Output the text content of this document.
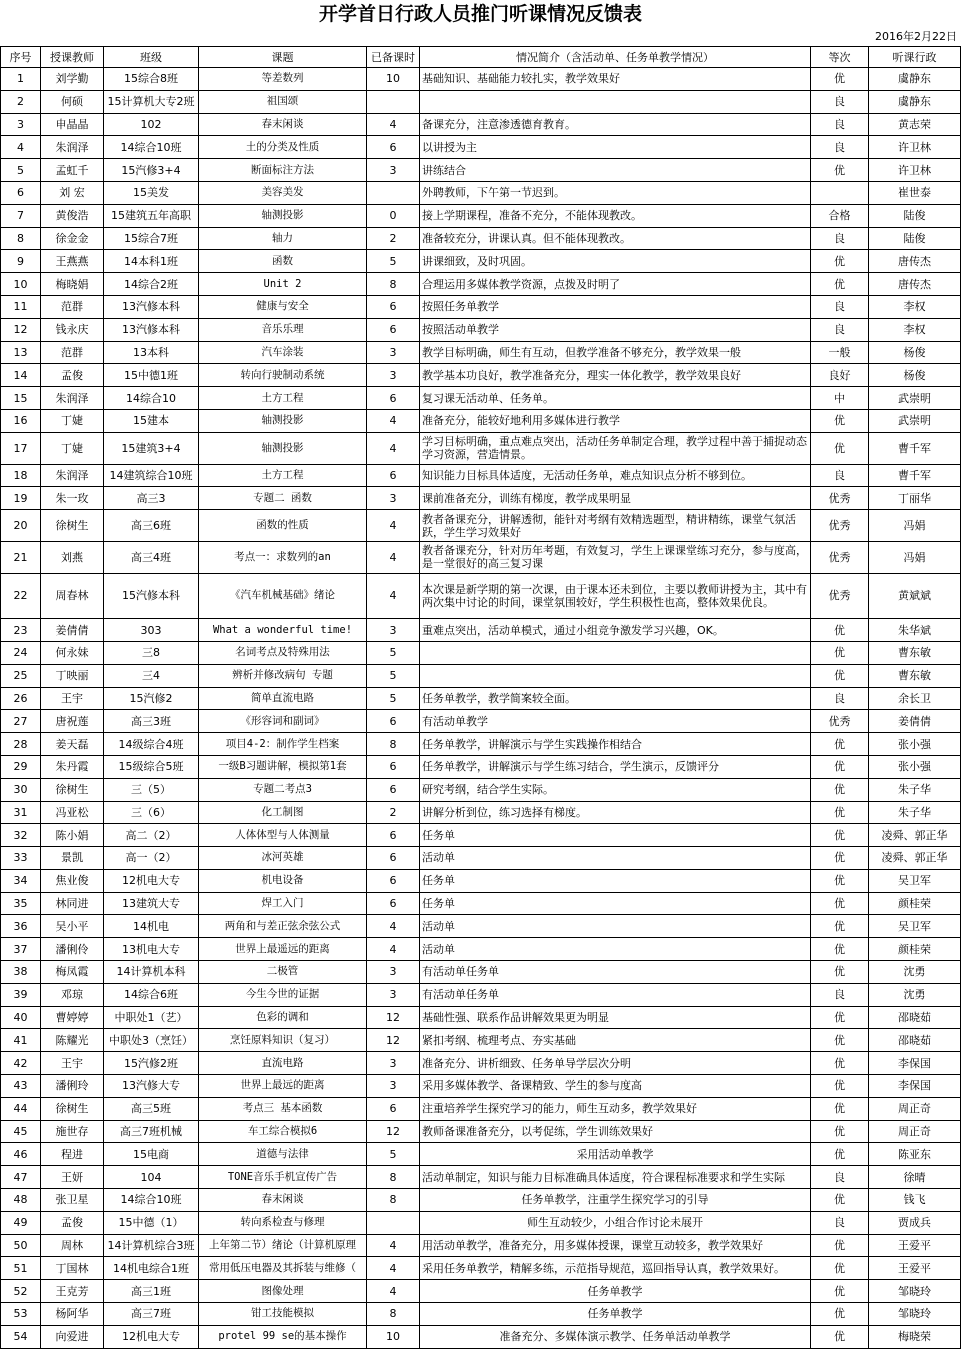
开学首日行政人员推门听课情况反馈表
2016年2月22日
序号	授课教师	班级	课题	已备课时	情况简介（含活动单、任务单教学情况）	等次	听课行政
1	刘学勤	15综合8班	等差数列	10	基础知识、基础能力较扎实，教学效果好	优	虞静东
2	何硕	15计算机大专2班	祖国颂			良	虞静东
3	申晶晶	102	春末闲谈	4	备课充分，注意渗透德育教育。	良	黄志荣
4	朱润泽	14综合10班	土的分类及性质	6	以讲授为主	良	许卫林
5	孟虹千	15汽修3+4	断面标注方法	3	讲练结合	优	许卫林
6	刘 宏	15美发	美容美发		外聘教师，下午第一节迟到。		崔世泰
7	黄俊浩	15建筑五年高职	轴测投影	0	接上学期课程，准备不充分，不能体现教改。	合格	陆俊
8	徐金金	15综合7班	轴力	2	准备较充分，讲课认真。但不能体现教改。	良	陆俊
9	王燕燕	14本科1班	函数	5	讲课细致，及时巩固。	优	唐传杰
10	梅晓娟	14综合2班	Unit 2	8	合理运用多媒体教学资源，点拨及时明了	优	唐传杰
11	范群	13汽修本科	健康与安全	6	按照任务单教学	良	李权
12	钱永庆	13汽修本科	音乐乐理	6	按照活动单教学	良	李权
13	范群	13本科	汽车涂装	3	教学目标明确，师生有互动，但教学准备不够充分，教学效果一般	一般	杨俊
14	孟俊	15中德1班	转向行驶制动系统	3	教学基本功良好，教学准备充分，理实一体化教学，教学效果良好	良好	杨俊
15	朱润泽	14综合10	土方工程	6	复习课无活动单、任务单。	中	武崇明
16	丁婕	15建本	轴测投影	4	准备充分，能较好地利用多媒体进行教学	优	武崇明
17	丁婕	15建筑3+4	轴测投影	4	学习目标明确，重点难点突出，活动任务单制定合理，教学过程中善于捕捉动态学习资源，营造情景。	优	曹千军
18	朱润泽	14建筑综合10班	土方工程	6	知识能力目标具体适度，无活动任务单，难点知识点分析不够到位。	良	曹千军
19	朱一玫	高三3	专题二 函数	3	课前准备充分，训练有梯度，教学成果明显	优秀	丁丽华
20	徐树生	高三6班	函数的性质	4	教者备课充分，讲解透彻，能针对考纲有效精选题型，精讲精练，课堂气氛活跃，学生学习效果好	优秀	冯娟
21	刘燕	高三4班	考点一：求数列的an	4	教者备课充分，针对历年考题，有效复习，学生上课课堂练习充分，参与度高，是一堂很好的高三复习课	优秀	冯娟
22	周春林	15汽修本科	《汽车机械基础》绪论	4	本次课是新学期的第一次课，由于课本还未到位，主要以教师讲授为主，其中有两次集中讨论的时间，课堂氛围较好，学生积极性也高，整体效果优良。	优秀	黄斌斌
23	姜倩倩	303	What a wonderful time!	3	重难点突出，活动单模式，通过小组竞争激发学习兴趣，OK。	优	朱华斌
24	何永妹	三8	名词考点及特殊用法	5		优	曹东敏
25	丁映丽	三4	辨析并修改病句 专题	5		优	曹东敏
26	王宇	15汽修2	简单直流电路	5	任务单教学，教学简案较全面。	良	余长卫
27	唐祝莲	高三3班	《形容词和副词》	6	有活动单教学	优秀	姜倩倩
28	姜天磊	14级综合4班	项目4-2：制作学生档案	8	任务单教学，讲解演示与学生实践操作相结合	优	张小强
29	朱丹霞	15级综合5班	一级B习题讲解，模拟第1套	6	任务单教学，讲解演示与学生练习结合，学生演示，反馈评分	优	张小强
30	徐树生	三（5）	专题二考点3	6	研究考纲，结合学生实际。	优	朱子华
31	冯亚松	三（6）	化工制图	2	讲解分析到位，练习选择有梯度。	优	朱子华
32	陈小娟	高二（2）	人体体型与人体测量	6	任务单	优	凌舜、郭正华
33	景凯	高一（2）	冰河英雄	6	活动单	优	凌舜、郭正华
34	焦业俊	12机电大专	机电设备	6	任务单	优	吴卫军
35	林同进	13建筑大专	焊工入门	6	任务单	优	颜桂荣
36	吴小平	14机电	两角和与差正弦余弦公式	4	活动单	优	吴卫军
37	潘俐伶	13机电大专	世界上最遥远的距离	4	活动单	优	颜桂荣
38	梅凤霞	14计算机本科	二极管	3	有活动单任务单	优	沈勇
39	邓琼	14综合6班	今生今世的证据	3	有活动单任务单	良	沈勇
40	曹婷婷	中职处1（艺）	色彩的调和	12	基础性强、联系作品讲解效果更为明显	优	邵晓茹
41	陈耀光	中职处3（烹饪）	烹饪原料知识（复习）	12	紧扣考纲、梳理考点、夯实基础	优	邵晓茹
42	王宇	15汽修2班	直流电路	3	准备充分、讲析细致、任务单导学层次分明	优	李保国
43	潘俐玲	13汽修大专	世界上最远的距离	3	采用多媒体教学、备课精致、学生的参与度高	优	李保国
44	徐树生	高三5班	考点三 基本函数	6	注重培养学生探究学习的能力，师生互动多，教学效果好	优	周正奇
45	施世存	高三7班机械	车工综合模拟6	12	教师备课准备充分，以考促练，学生训练效果好	优	周正奇
46	程进	15电商	道德与法律	5	采用活动单教学	优	陈亚东
47	王妍	104	TONE音乐手机宣传广告	8	活动单制定，知识与能力目标准确具体适度，符合课程标准要求和学生实际	良	徐晴
48	张卫星	14综合10班	春末闲谈	8	任务单教学，注重学生探究学习的引导	优	钱飞
49	孟俊	15中德（1）	转向系检查与修理		师生互动较少，小组合作讨论未展开	良	贾成兵
50	周林	14计算机综合3班	上年第二节）绪论（计算机原理	4	用活动单教学，准备充分，用多媒体授课，课堂互动较多，教学效果好	优	王爱平
51	丁国林	14机电综合1班	常用低压电器及其拆装与维修（	4	采用任务单教学，精解多练，示范指导规范，巡回指导认真，教学效果好。	优	王爱平
52	王克芳	高三1班	图像处理	4	任务单教学	优	邹晓玲
53	杨阿华	高三7班	钳工技能模拟	8	任务单教学	优	邹晓玲
54	向爱进	12机电大专	protel 99 se的基本操作	10	准备充分、多媒体演示教学、任务单活动单教学	优	梅晓荣
